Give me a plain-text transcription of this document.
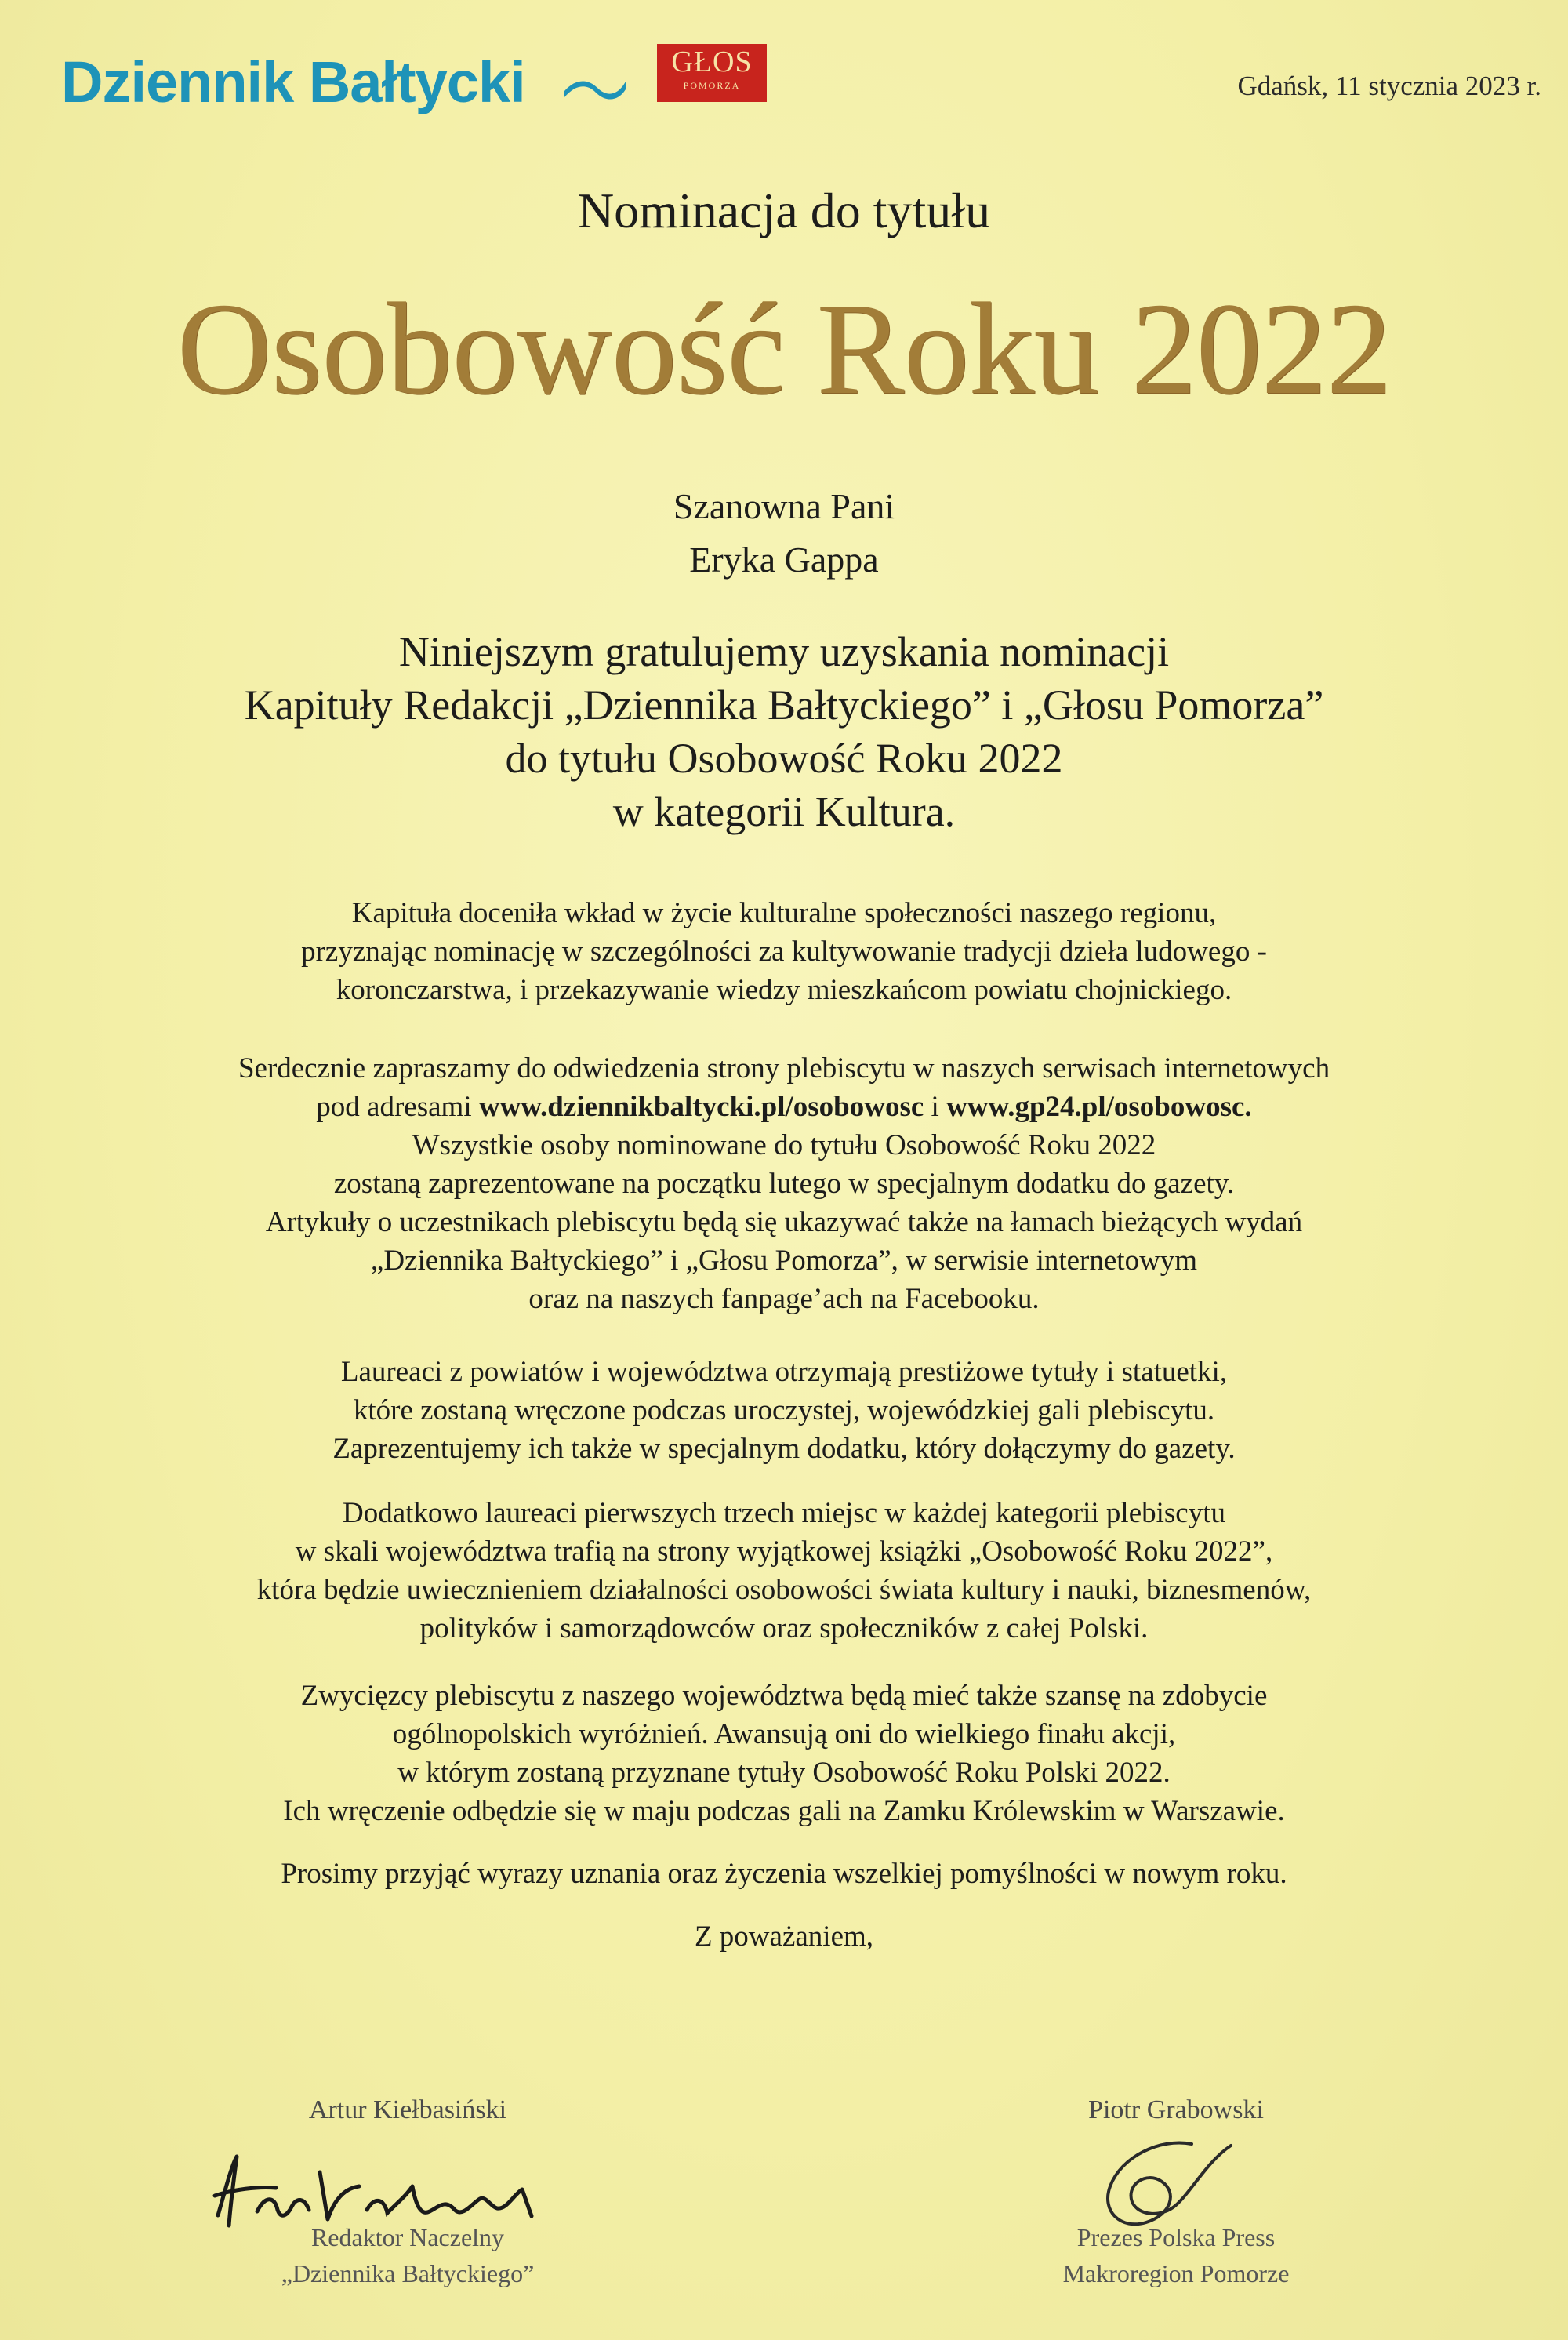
Dziennik Bałtycki	GŁOS
POMORZA	Gdańsk, 11 stycznia 2023 r.
Nominacja do tytułu
Osobowość Roku 2022
Szanowna Pani
Eryka Gappa
Niniejszym gratulujemy uzyskania nominacji
Kapituły Redakcji „Dziennika Bałtyckiego” i „Głosu Pomorza”
do tytułu Osobowość Roku 2022
w kategorii Kultura.
Kapituła doceniła wkład w życie kulturalne społeczności naszego regionu,
przyznając nominację w szczególności za kultywowanie tradycji dzieła ludowego -
koronczarstwa, i przekazywanie wiedzy mieszkańcom powiatu chojnickiego.
Serdecznie zapraszamy do odwiedzenia strony plebiscytu w naszych serwisach internetowych
pod adresami www.dziennikbaltycki.pl/osobowosc i www.gp24.pl/osobowosc.
Wszystkie osoby nominowane do tytułu Osobowość Roku 2022
zostaną zaprezentowane na początku lutego w specjalnym dodatku do gazety.
Artykuły o uczestnikach plebiscytu będą się ukazywać także na łamach bieżących wydań
„Dziennika Bałtyckiego” i „Głosu Pomorza”, w serwisie internetowym
oraz na naszych fanpage’ach na Facebooku.
Laureaci z powiatów i województwa otrzymają prestiżowe tytuły i statuetki,
które zostaną wręczone podczas uroczystej, wojewódzkiej gali plebiscytu.
Zaprezentujemy ich także w specjalnym dodatku, który dołączymy do gazety.
Dodatkowo laureaci pierwszych trzech miejsc w każdej kategorii plebiscytu
w skali województwa trafią na strony wyjątkowej książki „Osobowość Roku 2022”,
która będzie uwiecznieniem działalności osobowości świata kultury i nauki, biznesmenów,
polityków i samorządowców oraz społeczników z całej Polski.
Zwycięzcy plebiscytu z naszego województwa będą mieć także szansę na zdobycie
ogólnopolskich wyróżnień. Awansują oni do wielkiego finału akcji,
w którym zostaną przyznane tytuły Osobowość Roku Polski 2022.
Ich wręczenie odbędzie się w maju podczas gali na Zamku Królewskim w Warszawie.
Prosimy przyjąć wyrazy uznania oraz życzenia wszelkiej pomyślności w nowym roku.
Z poważaniem,
Artur Kiełbasiński
Redaktor Naczelny
„Dziennika Bałtyckiego”
Piotr Grabowski
Prezes Polska Press
Makroregion Pomorze
